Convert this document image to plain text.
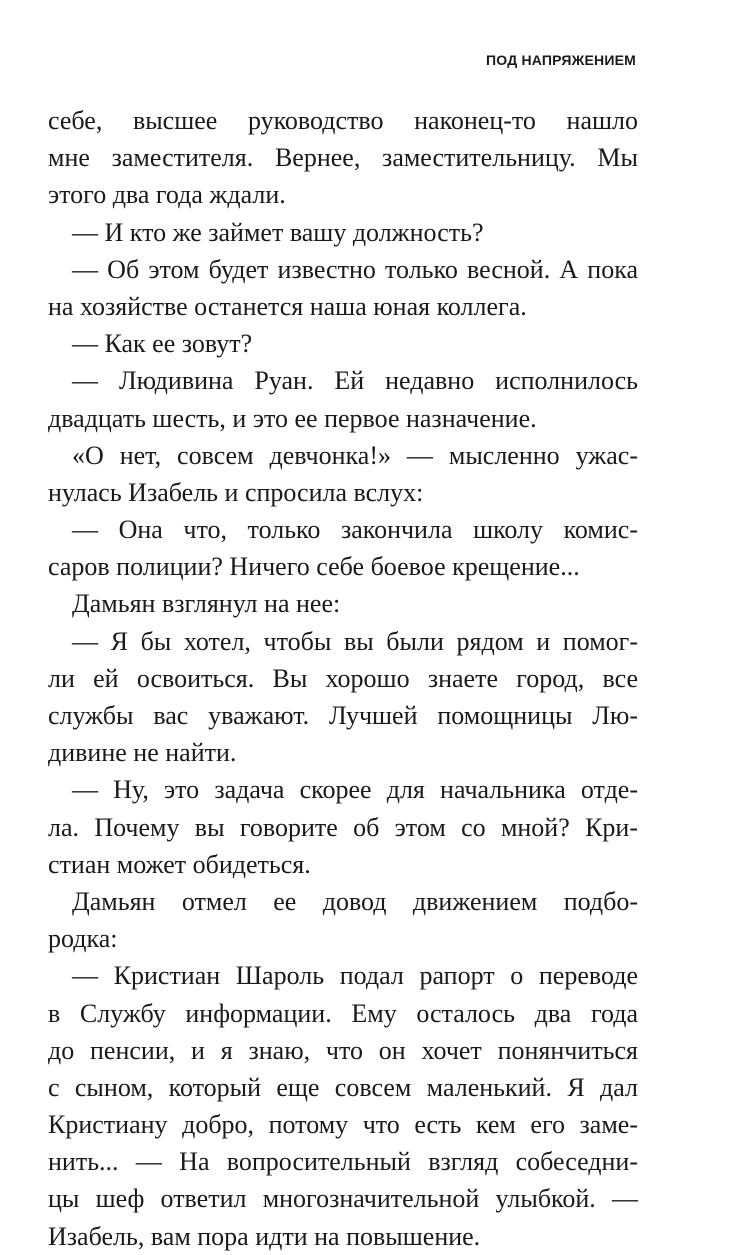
ПОД НАПРЯЖЕНИЕМ
себе, высшее руководство наконец-то нашло
мне заместителя. Вернее, заместительницу. Мы
этого два года ждали.
— И кто же займет вашу должность?
— Об этом будет известно только весной. А пока
на хозяйстве останется наша юная коллега.
— Как ее зовут?
— Людивина Руан. Ей недавно исполнилось
двадцать шесть, и это ее первое назначение.
«О нет, совсем девчонка!» — мысленно ужас-
нулась Изабель и спросила вслух:
— Она что, только закончила школу комис-
саров полиции? Ничего себе боевое крещение...
Дамьян взглянул на нее:
— Я бы хотел, чтобы вы были рядом и помог-
ли ей освоиться. Вы хорошо знаете город, все
службы вас уважают. Лучшей помощницы Лю-
дивине не найти.
— Ну, это задача скорее для начальника отде-
ла. Почему вы говорите об этом со мной? Кри-
стиан может обидеться.
Дамьян отмел ее довод движением подбо-
родка:
— Кристиан Шароль подал рапорт о переводе
в Службу информации. Ему осталось два года
до пенсии, и я знаю, что он хочет понянчиться
с сыном, который еще совсем маленький. Я дал
Кристиану добро, потому что есть кем его заме-
нить... — На вопросительный взгляд собеседни-
цы шеф ответил многозначительной улыбкой. —
Изабель, вам пора идти на повышение.
